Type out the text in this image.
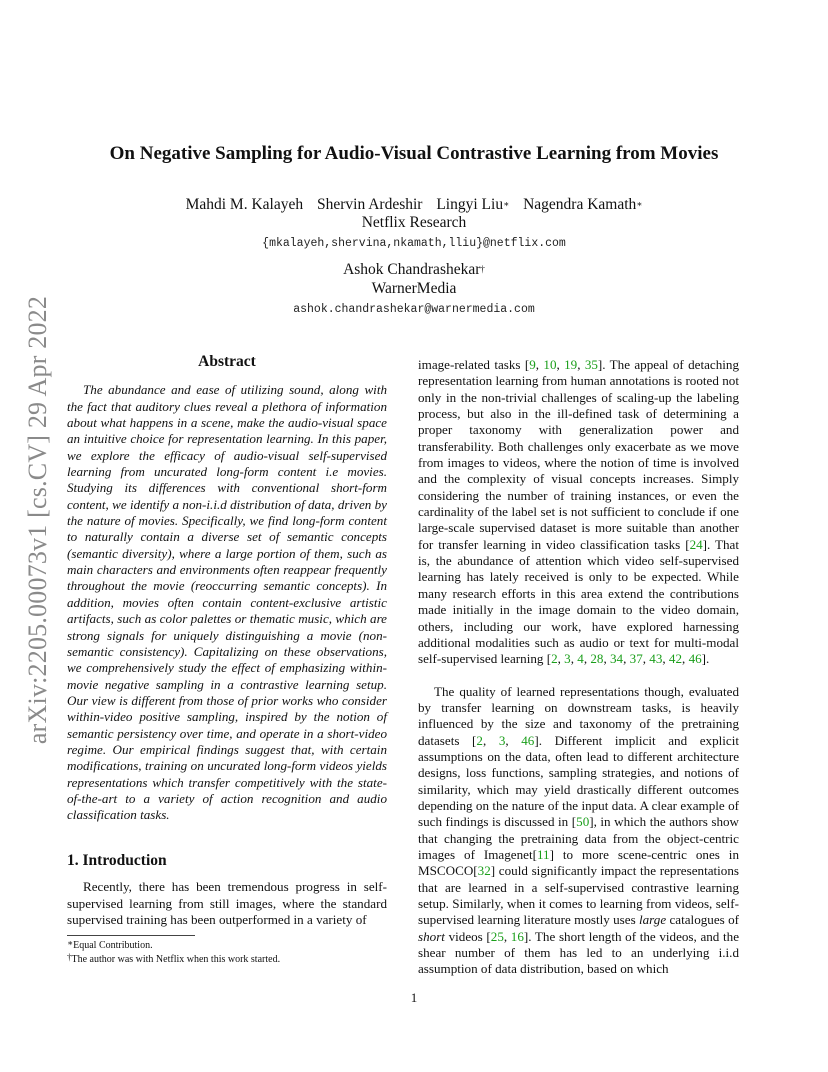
arXiv:2205.00073v1 [cs.CV] 29 Apr 2022
On Negative Sampling for Audio-Visual Contrastive Learning from Movies
Mahdi M. Kalayeh Shervin Ardeshir Lingyi Liu∗ Nagendra Kamath∗
Netflix Research
{mkalayeh,shervina,nkamath,lliu}@netflix.com
Ashok Chandrashekar†
WarnerMedia
ashok.chandrashekar@warnermedia.com
Abstract

The abundance and ease of utilizing sound, along with the fact that auditory clues reveal a plethora of information about what happens in a scene, make the audio-visual space an intuitive choice for representation learning. In this paper, we explore the efficacy of audio-visual self-supervised learning from uncurated long-form content i.e movies. Studying its differences with conventional short-form content, we identify a non-i.i.d distribution of data, driven by the nature of movies. Specifically, we find long-form content to naturally contain a diverse set of semantic concepts (semantic diversity), where a large portion of them, such as main characters and environments often reappear frequently throughout the movie (reoccurring semantic concepts). In addition, movies often contain content-exclusive artistic artifacts, such as color palettes or thematic music, which are strong signals for uniquely distinguishing a movie (non-semantic consistency). Capitalizing on these observations, we comprehensively study the effect of emphasizing within-movie negative sampling in a contrastive learning setup. Our view is different from those of prior works who consider within-video positive sampling, inspired by the notion of semantic persistency over time, and operate in a short-video regime. Our empirical findings suggest that, with certain modifications, training on uncurated long-form videos yields representations which transfer competitively with the state-of-the-art to a variety of action recognition and audio classification tasks.

1. Introduction

Recently, there has been tremendous progress in self-supervised learning from still images, where the standard supervised training has been outperformed in a variety of

∗Equal Contribution.
†The author was with Netflix when this work started.

image-related tasks [9, 10, 19, 35]. The appeal of detaching representation learning from human annotations is rooted not only in the non-trivial challenges of scaling-up the labeling process, but also in the ill-defined task of determining a proper taxonomy with generalization power and transferability. Both challenges only exacerbate as we move from images to videos, where the notion of time is involved and the complexity of visual concepts increases. Simply considering the number of training instances, or even the cardinality of the label set is not sufficient to conclude if one large-scale supervised dataset is more suitable than another for transfer learning in video classification tasks [24]. That is, the abundance of attention which video self-supervised learning has lately received is only to be expected. While many research efforts in this area extend the contributions made initially in the image domain to the video domain, others, including our work, have explored harnessing additional modalities such as audio or text for multi-modal self-supervised learning [2, 3, 4, 28, 34, 37, 43, 42, 46].

The quality of learned representations though, evaluated by transfer learning on downstream tasks, is heavily influenced by the size and taxonomy of the pretraining datasets [2, 3, 46]. Different implicit and explicit assumptions on the data, often lead to different architecture designs, loss functions, sampling strategies, and notions of similarity, which may yield drastically different outcomes depending on the nature of the input data. A clear example of such findings is discussed in [50], in which the authors show that changing the pretraining data from the object-centric images of Imagenet[11] to more scene-centric ones in MSCOCO[32] could significantly impact the representations that are learned in a self-supervised contrastive learning setup. Similarly, when it comes to learning from videos, self-supervised learning literature mostly uses large catalogues of short videos [25, 16]. The short length of the videos, and the shear number of them has led to an underlying i.i.d assumption of data distribution, based on which

1
